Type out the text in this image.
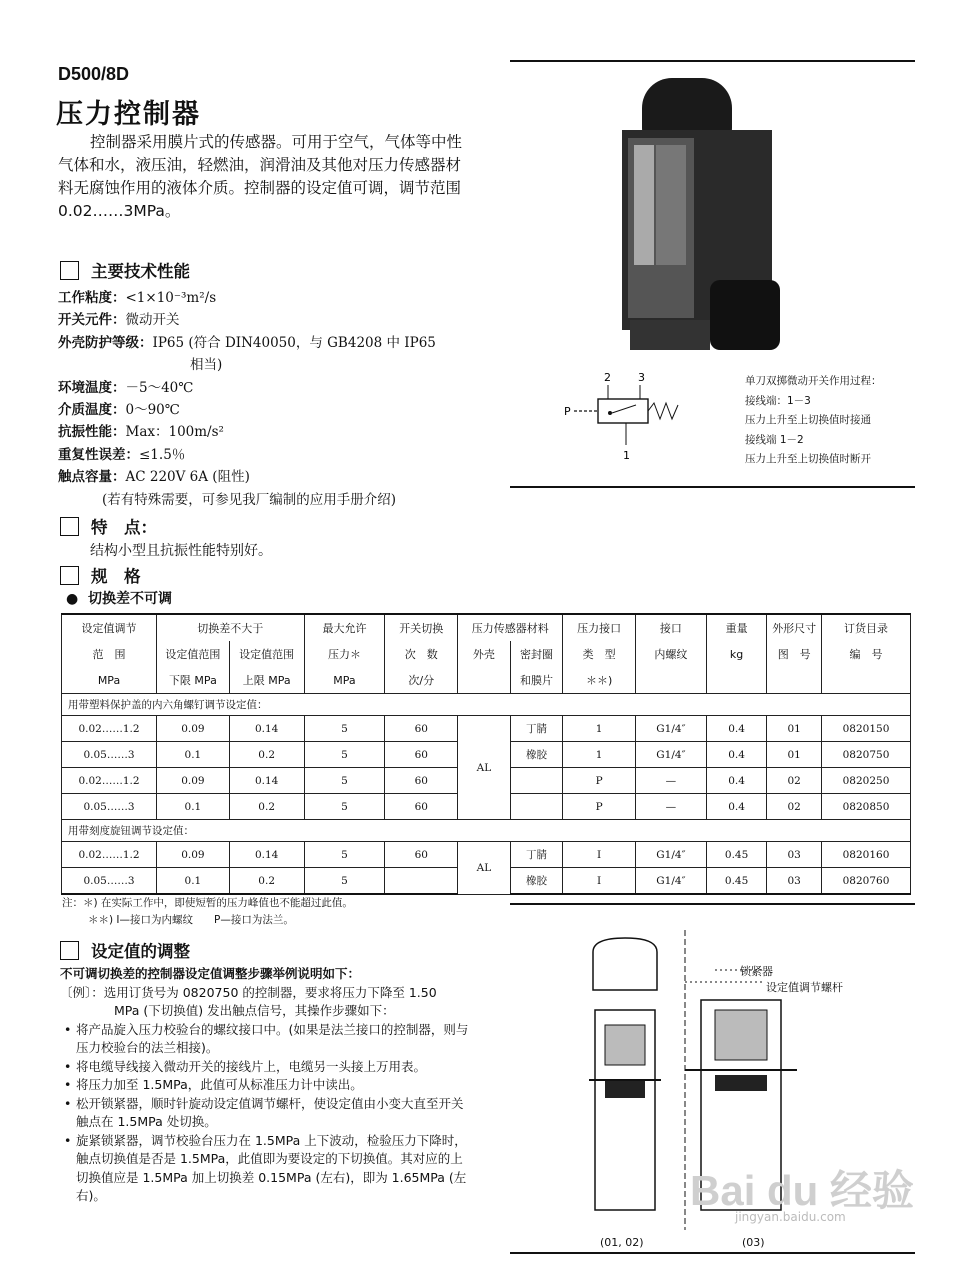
D500/8D
压力控制器
控制器采用膜片式的传感器。可用于空气，气体等中性气体和水，液压油，轻燃油，润滑油及其他对压力传感器材料无腐蚀作用的液体介质。控制器的设定值可调，调节范围 0.02……3MPa。
2 3
1
P
单刀双掷微动开关作用过程：
接线端：1－3
压力上升至上切换值时接通
接线端 1－2
压力上升至上切换值时断开
主要技术性能
工作粘度：<1×10⁻³m²/s
开关元件：微动开关
外壳防护等级：IP65 (符合 DIN40050，与 GB4208 中 IP65
相当)
环境温度：－5～40℃
介质温度：0～90℃
抗振性能：Max：100m/s²
重复性误差：≤1.5％
触点容量：AC 220V 6A (阻性)
(若有特殊需要，可参见我厂编制的应用手册介绍)
特　点：
结构小型且抗振性能特别好。
规　格
●  切换差不可调
设定值调节	切换差不大于		最大允许	开关切换	压力传感器材料		压力接口	接口	重量	外形尺寸	订货目录
范　围	设定值范围	设定值范围	压力＊	次　数	外壳	密封圈	类　型	内螺纹	kg	图　号	编　号
MPa	下限 MPa	上限 MPa	MPa	次/分		和膜片	＊＊)				
用带塑料保护盖的内六角螺钉调节设定值：											
0.02……1.2	0.09	0.14	5	60	AL	丁腈	1	G1/4″	0.4	01	0820150
0.05……3	0.1	0.2	5	60		橡胶	1	G1/4″	0.4	01	0820750
0.02……1.2	0.09	0.14	5	60			P	—	0.4	02	0820250
0.05……3	0.1	0.2	5	60			P	—	0.4	02	0820850
用带刻度旋钮调节设定值：											
0.02……1.2	0.09	0.14	5	60	AL	丁腈	I	G1/4″	0.45	03	0820160
0.05……3	0.1	0.2	5			橡胶	I	G1/4″	0.45	03	0820760
注：＊) 在实际工作中，即使短暂的压力峰值也不能超过此值。
＊＊) I—接口为内螺纹　　P—接口为法兰。
设定值的调整
不可调切换差的控制器设定值调整步骤举例说明如下：
〔例〕：选用订货号为 0820750 的控制器，要求将压力下降至 1.50
MPa (下切换值) 发出触点信号，其操作步骤如下：
• 将产品旋入压力校验台的螺纹接口中。(如果是法兰接口的控制器，则与压力校验台的法兰相接)。
• 将电缆导线接入微动开关的接线片上，电缆另一头接上万用表。
• 将压力加至 1.5MPa，此值可从标准压力计中读出。
• 松开锁紧器，顺时针旋动设定值调节螺杆，使设定值由小变大直至开关触点在 1.5MPa 处切换。
• 旋紧锁紧器，调节校验台压力在 1.5MPa 上下波动，检验压力下降时，触点切换值是否是 1.5MPa，此值即为要设定的下切换值。其对应的上切换值应是 1.5MPa 加上切换差 0.15MPa (左右)，即为 1.65MPa (左右)。
锁紧器
设定值调节螺杆
(01, 02)	(03)
Bai du 经验
jingyan.baidu.com
